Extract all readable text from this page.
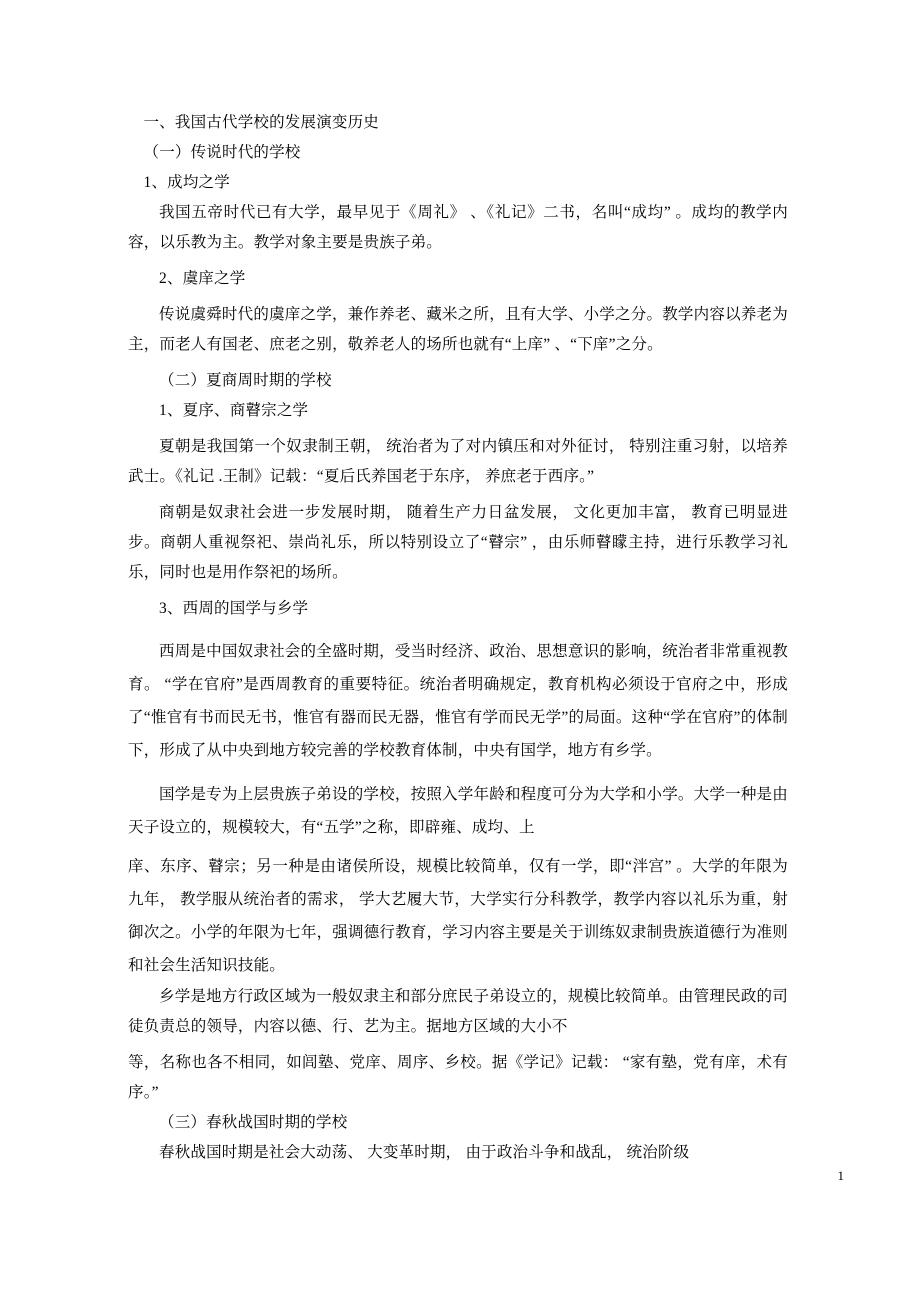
一、我国古代学校的发展演变历史

（一）传说时代的学校

1、成均之学

我国五帝时代已有大学，最早见于《周礼》 、《礼记》二书，名叫“成均” 。成均的教学内容，以乐教为主。教学对象主要是贵族子弟。

2、虞庠之学

传说虞舜时代的虞庠之学，兼作养老、藏米之所，且有大学、小学之分。教学内容以养老为主，而老人有国老、庶老之别，敬养老人的场所也就有“上庠” 、“下庠”之分。

（二）夏商周时期的学校

1、夏序、商瞽宗之学

夏朝是我国第一个奴隶制王朝， 统治者为了对内镇压和对外征讨， 特别注重习射，以培养武士。《礼记 .王制》记载：“夏后氏养国老于东序， 养庶老于西序。”

商朝是奴隶社会进一步发展时期， 随着生产力日盆发展， 文化更加丰富， 教育已明显进步。商朝人重视祭祀、崇尚礼乐，所以特别设立了“瞽宗” ，由乐师瞽矇主持，进行乐教学习礼乐，同时也是用作祭祀的场所。

3、西周的国学与乡学

西周是中国奴隶社会的全盛时期，受当时经济、政治、思想意识的影响，统治者非常重视教育。 “学在官府”是西周教育的重要特征。统治者明确规定，教育机构必须设于官府之中，形成了“惟官有书而民无书，惟官有器而民无器，惟官有学而民无学”的局面。这种“学在官府”的体制下，形成了从中央到地方较完善的学校教育体制，中央有国学，地方有乡学。

国学是专为上层贵族子弟设的学校，按照入学年龄和程度可分为大学和小学。大学一种是由天子设立的，规模较大，有“五学”之称，即辟雍、成均、上

庠、东序、瞽宗；另一种是由诸侯所设，规模比较简单，仅有一学，即“泮宫” 。大学的年限为九年， 教学服从统治者的需求， 学大艺履大节，大学实行分科教学，教学内容以礼乐为重，射御次之。小学的年限为七年，强调德行教育，学习内容主要是关于训练奴隶制贵族道德行为准则和社会生活知识技能。

乡学是地方行政区域为一般奴隶主和部分庶民子弟设立的，规模比较简单。由管理民政的司徒负责总的领导，内容以德、行、艺为主。据地方区域的大小不

等，名称也各不相同，如闾塾、党庠、周序、乡校。据《学记》记载： “家有塾，党有庠，术有序。”

（三）春秋战国时期的学校

春秋战国时期是社会大动荡、 大变革时期， 由于政治斗争和战乱， 统治阶级

1
